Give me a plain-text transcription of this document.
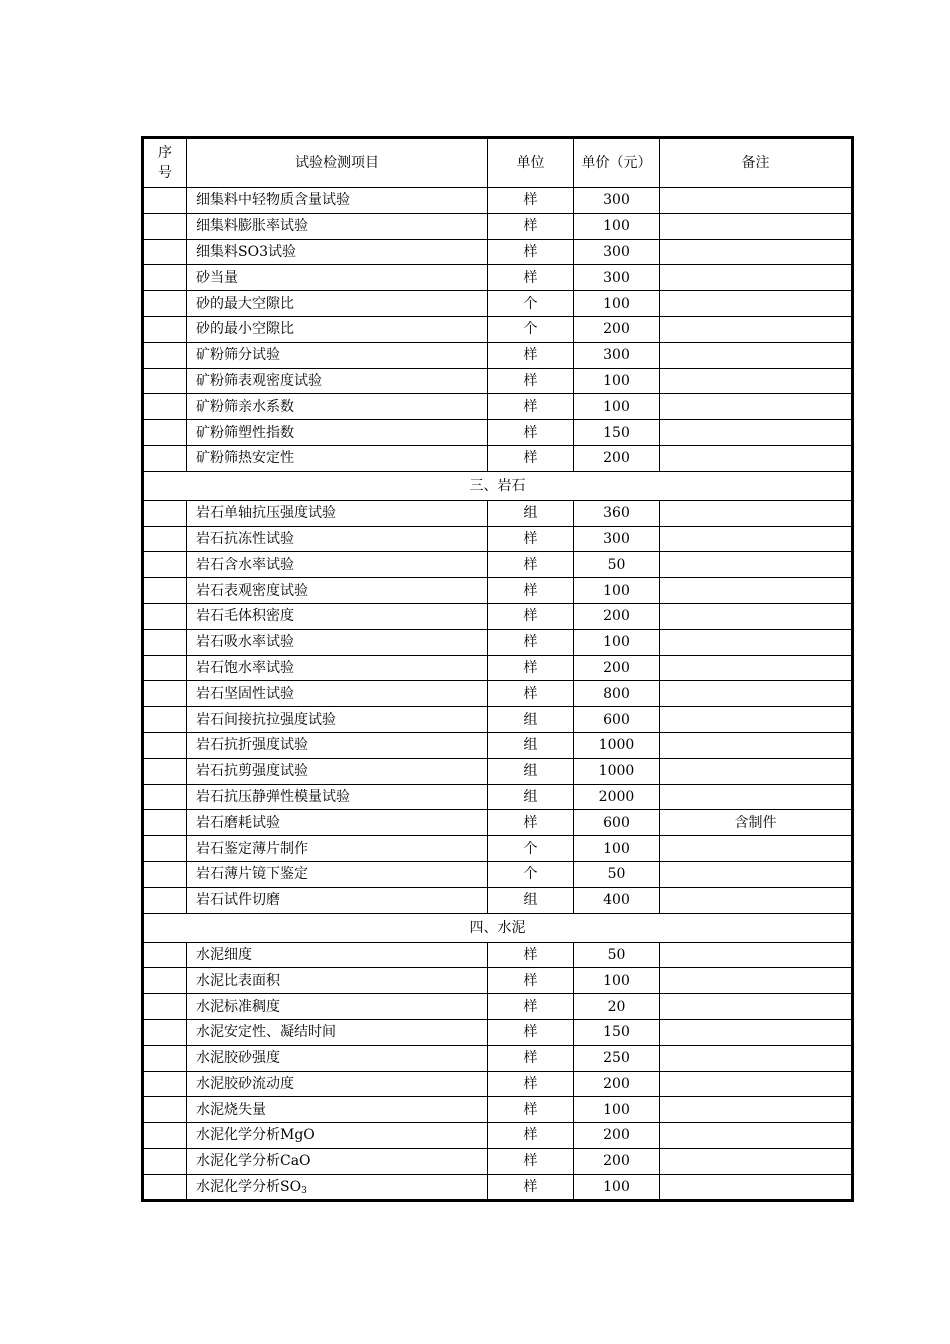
序号	试验检测项目	单位	单价（元）	备注
	细集料中轻物质含量试验	样	300	
	细集料膨胀率试验	样	100	
	细集料SO3试验	样	300	
	砂当量	样	300	
	砂的最大空隙比	个	100	
	砂的最小空隙比	个	200	
	矿粉筛分试验	样	300	
	矿粉筛表观密度试验	样	100	
	矿粉筛亲水系数	样	100	
	矿粉筛塑性指数	样	150	
	矿粉筛热安定性	样	200	
三、岩石				
	岩石单轴抗压强度试验	组	360	
	岩石抗冻性试验	样	300	
	岩石含水率试验	样	50	
	岩石表观密度试验	样	100	
	岩石毛体积密度	样	200	
	岩石吸水率试验	样	100	
	岩石饱水率试验	样	200	
	岩石坚固性试验	样	800	
	岩石间接抗拉强度试验	组	600	
	岩石抗折强度试验	组	1000	
	岩石抗剪强度试验	组	1000	
	岩石抗压静弹性模量试验	组	2000	
	岩石磨耗试验	样	600	含制件
	岩石鉴定薄片制作	个	100	
	岩石薄片镜下鉴定	个	50	
	岩石试件切磨	组	400	
四、水泥				
	水泥细度	样	50	
	水泥比表面积	样	100	
	水泥标准稠度	样	20	
	水泥安定性、凝结时间	样	150	
	水泥胶砂强度	样	250	
	水泥胶砂流动度	样	200	
	水泥烧失量	样	100	
	水泥化学分析MgO	样	200	
	水泥化学分析CaO	样	200	
	水泥化学分析$SO_3$	样	100	
